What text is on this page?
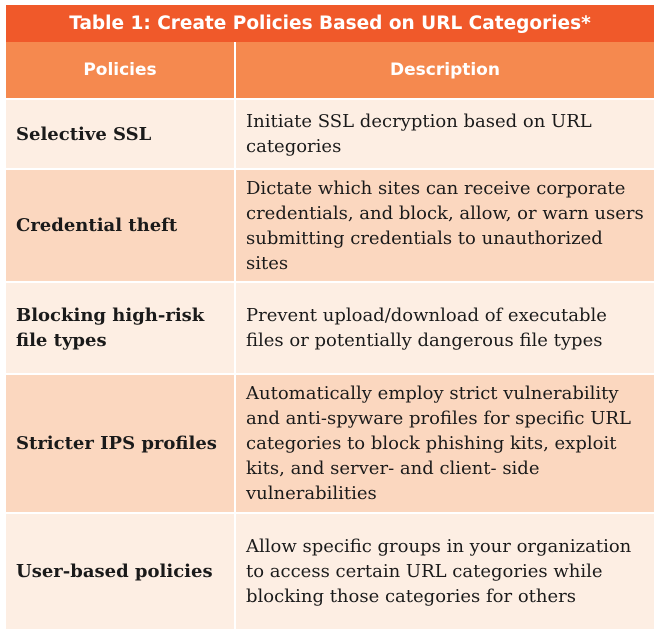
Table 1: Create Policies Based on URL Categories*
Policies	Description
Selective SSL	Initiate SSL decryption based on URL categories
Credential theft	Dictate which sites can receive corporate credentials, and block, allow, or warn users submitting credentials to unauthorized sites
Blocking high-risk file types	Prevent upload/download of executable files or potentially dangerous file types
Stricter IPS profiles	Automatically employ strict vulnerability and anti-spyware profiles for specific URL categories to block phishing kits, exploit kits, and server- and client- side vulnerabilities
User-based policies	Allow specific groups in your organization to access certain URL categories while blocking those categories for others
